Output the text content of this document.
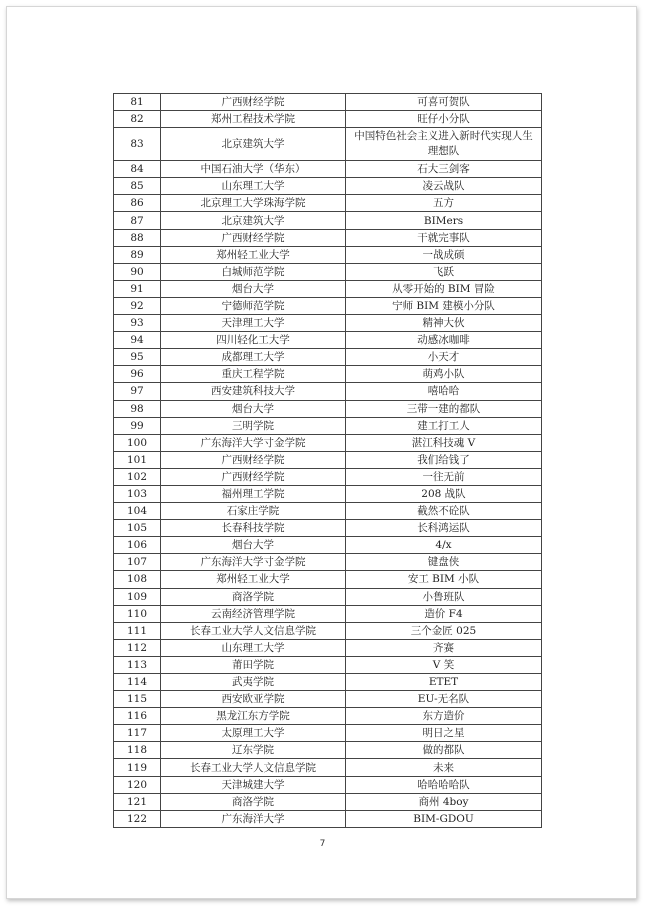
81	广西财经学院	可喜可贺队
82	郑州工程技术学院	旺仔小分队
83	北京建筑大学	中国特色社会主义进入新时代实现人生理想队
84	中国石油大学（华东）	石大三剑客
85	山东理工大学	凌云战队
86	北京理工大学珠海学院	五方
87	北京建筑大学	BIMers
88	广西财经学院	干就完事队
89	郑州轻工业大学	一战成硕
90	白城师范学院	飞跃
91	烟台大学	从零开始的 BIM 冒险
92	宁德师范学院	宁师 BIM 建模小分队
93	天津理工大学	精神大伙
94	四川轻化工大学	动感冰咖啡
95	成都理工大学	小天才
96	重庆工程学院	萌鸡小队
97	西安建筑科技大学	嘻哈哈
98	烟台大学	三带一建的都队
99	三明学院	建工打工人
100	广东海洋大学寸金学院	湛江科技魂 V
101	广西财经学院	我们给钱了
102	广西财经学院	一往无前
103	福州理工学院	208 战队
104	石家庄学院	截然不砼队
105	长春科技学院	长科鸿运队
106	烟台大学	4/x
107	广东海洋大学寸金学院	键盘侠
108	郑州轻工业大学	安工 BIM 小队
109	商洛学院	小鲁班队
110	云南经济管理学院	造价 F4
111	长春工业大学人文信息学院	三个金匠 025
112	山东理工大学	齐赛
113	莆田学院	V 笑
114	武夷学院	ETET
115	西安欧亚学院	EU-无名队
116	黑龙江东方学院	东方造价
117	太原理工大学	明日之星
118	辽东学院	做的都队
119	长春工业大学人文信息学院	未来
120	天津城建大学	哈哈哈哈队
121	商洛学院	商州 4boy
122	广东海洋大学	BIM-GDOU
7
